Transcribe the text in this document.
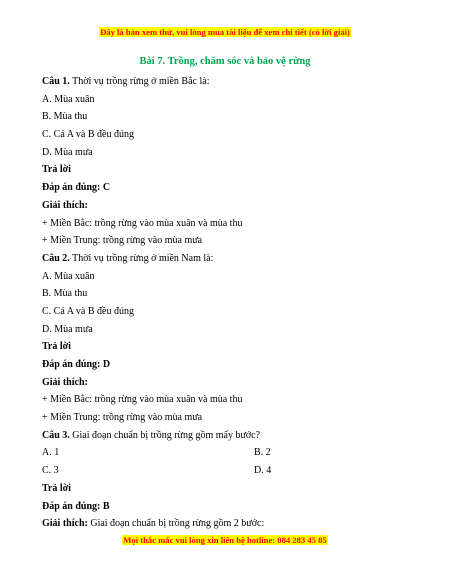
Đây là bản xem thử, vui lòng mua tài liệu để xem chi tiết (có lời giải)
Bài 7. Trồng, chăm sóc và bảo vệ rừng
Câu 1. Thời vụ trồng rừng ở miền Bắc là:
A. Mùa xuân
B. Mùa thu
C. Cả A và B đều đúng
D. Mùa mưa
Trả lời
Đáp án đúng: C
Giải thích:
+ Miền Bắc: trồng rừng vào mùa xuân và mùa thu
+ Miền Trung: trồng rừng vào mùa mưa
Câu 2. Thời vụ trồng rừng ở miền Nam là:
A. Mùa xuân
B. Mùa thu
C. Cả A và B đều đúng
D. Mùa mưa
Trả lời
Đáp án đúng: D
Giải thích:
+ Miền Bắc: trồng rừng vào mùa xuân và mùa thu
+ Miền Trung: trồng rừng vào mùa mưa
Câu 3. Giai đoạn chuẩn bị trồng rừng gồm mấy bước?
A. 1	B. 2
C. 3	D. 4
Trả lời
Đáp án đúng: B
Giải thích: Giai đoạn chuẩn bị trồng rừng gồm 2 bước:
Mọi thắc mắc vui lòng xin liên hệ hotline: 084 283 45 85
